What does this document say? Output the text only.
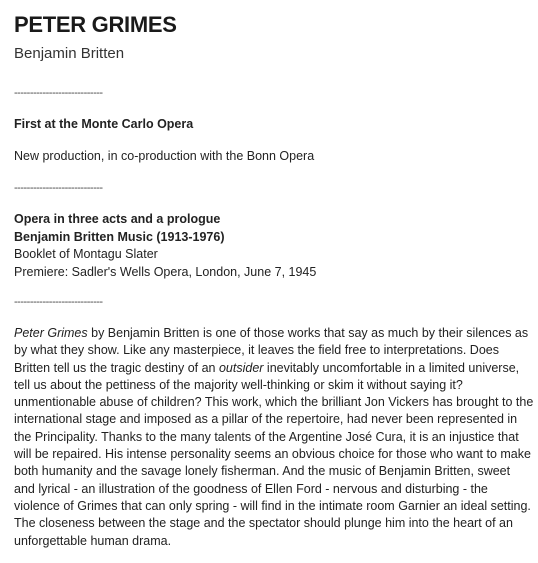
PETER GRIMES
Benjamin Britten
----------------------------

First at the Monte Carlo Opera

New production, in co-production with the Bonn Opera

----------------------------

Opera in three acts and a prologue

Benjamin Britten Music (1913-1976)

Booklet of Montagu Slater

Premiere: Sadler's Wells Opera, London, June 7, 1945

----------------------------

Peter Grimes by Benjamin Britten is one of those works that say as much by their silences as by what they show. Like any masterpiece, it leaves the field free to interpretations. Does Britten tell us the tragic destiny of an outsider inevitably uncomfortable in a limited universe, tell us about the pettiness of the majority well-thinking or skim it without saying it? unmentionable abuse of children? This work, which the brilliant Jon Vickers has brought to the international stage and imposed as a pillar of the repertoire, had never been represented in the Principality. Thanks to the many talents of the Argentine José Cura, it is an injustice that will be repaired. His intense personality seems an obvious choice for those who want to make both humanity and the savage lonely fisherman. And the music of Benjamin Britten, sweet and lyrical - an illustration of the goodness of Ellen Ford - nervous and disturbing - the violence of Grimes that can only spring - will find in the intimate room Garnier an ideal setting. The closeness between the stage and the spectator should plunge him into the heart of an unforgettable human drama.
